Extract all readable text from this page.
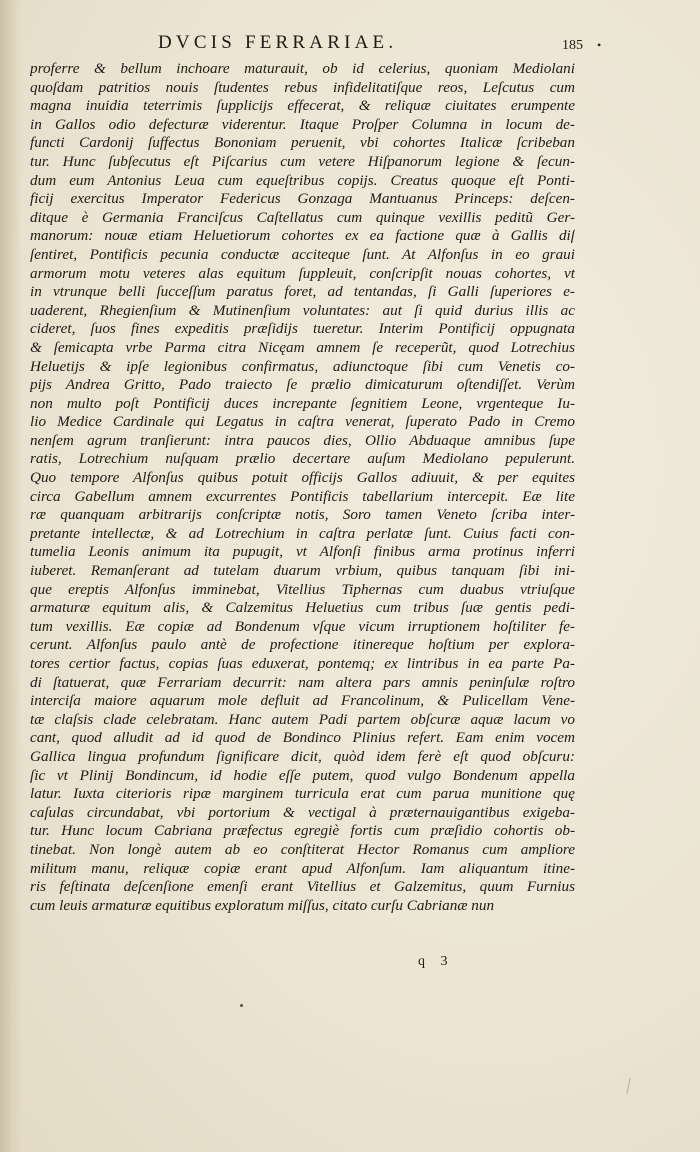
DVCIS FERRARIAE.	185 •
proferre & bellum inchoare maturauit, ob id celerius, quoniam Mediolani
quoſdam patritios nouis ſtudentes rebus infidelitatiſque reos, Leſcutus cum
magna inuidia teterrimis ſupplicijs effecerat, & reliquæ ciuitates erumpente
in Gallos odio defecturæ viderentur. Itaque Proſper Columna in locum de-
functi Cardonij ſuffectus Bononiam peruenit, vbi cohortes Italicæ ſcribeban
tur. Hunc ſubſecutus eſt Piſcarius cum vetere Hiſpanorum legione & ſecun-
dum eum Antonius Leua cum equeſtribus copijs. Creatus quoque eſt Ponti-
ficij exercitus Imperator Federicus Gonzaga Mantuanus Princeps: deſcen-
ditque è Germania Franciſcus Caſtellatus cum quinque vexillis peditũ Ger-
manorum: nouæ etiam Heluetiorum cohortes ex ea factione quæ à Gallis diſ
ſentiret, Pontificis pecunia conductæ acciteque ſunt. At Alfonſus in eo graui
armorum motu veteres alas equitum ſuppleuit, conſcripſit nouas cohortes, vt
in vtrunque belli ſucceſſum paratus foret, ad tentandas, ſi Galli ſuperiores e-
uaderent, Rhegienſium & Mutinenſium voluntates: aut ſi quid durius illis ac
cideret, ſuos fines expeditis præſidijs tueretur. Interim Pontificij oppugnata
& ſemicapta vrbe Parma citra Nicęam amnem ſe receperũt, quod Lotrechius
Heluetijs & ipſe legionibus confirmatus, adiunctoque ſibi cum Venetis co-
pijs Andrea Gritto, Pado traiecto ſe prælio dimicaturum oſtendiſſet. Verùm
non multo poſt Pontificij duces increpante ſegnitiem Leone, vrgenteque Iu-
lio Medice Cardinale qui Legatus in caſtra venerat, ſuperato Pado in Cremo
nenſem agrum tranſierunt: intra paucos dies, Ollio Abduaque amnibus ſupe
ratis, Lotrechium nuſquam prælio decertare auſum Mediolano pepulerunt.
Quo tempore Alfonſus quibus potuit officijs Gallos adiuuit, & per equites
circa Gabellum amnem excurrentes Pontificis tabellarium intercepit. Eæ lite
ræ quanquam arbitrarijs conſcriptæ notis, Soro tamen Veneto ſcriba inter-
pretante intellectæ, & ad Lotrechium in caſtra perlatæ ſunt. Cuius facti con-
tumelia Leonis animum ita pupugit, vt Alfonſi finibus arma protinus inferri
iuberet. Remanſerant ad tutelam duarum vrbium, quibus tanquam ſibi ini-
que ereptis Alfonſus imminebat, Vitellius Tiphernas cum duabus vtriuſque
armaturæ equitum alis, & Calzemitus Heluetius cum tribus ſuæ gentis pedi-
tum vexillis. Eæ copiæ ad Bondenum vſque vicum irruptionem hoſtiliter fe-
cerunt. Alfonſus paulo antè de profectione itinereque hoſtium per explora-
tores certior factus, copias ſuas eduxerat, pontemq; ex lintribus in ea parte Pa-
di ſtatuerat, quæ Ferrariam decurrit: nam altera pars amnis peninſulæ roſtro
interciſa maiore aquarum mole defluit ad Francolinum, & Pulicellam Vene-
tæ claſsis clade celebratam. Hanc autem Padi partem obſcuræ aquæ lacum vo
cant, quod alludit ad id quod de Bondinco Plinius refert. Eam enim vocem
Gallica lingua profundum ſignificare dicit, quòd idem ferè eſt quod obſcuru:
ſic vt Plinij Bondincum, id hodie eſſe putem, quod vulgo Bondenum appella
latur. Iuxta citerioris ripæ marginem turricula erat cum parua munitione quę
caſulas circundabat, vbi portorium & vectigal à prӕternauigantibus exigeba-
tur. Hunc locum Cabriana præfectus egregiè fortis cum præſidio cohortis ob-
tinebat. Non longè autem ab eo conſtiterat Hector Romanus cum ampliore
militum manu, reliquæ copiæ erant apud Alfonſum. Iam aliquantum itine-
ris feſtinata deſcenſione emenſi erant Vitellius et Galzemitus, quum Furnius
cum leuis armaturæ equitibus exploratum miſſus, citato curſu Cabrianæ nun
q 3
